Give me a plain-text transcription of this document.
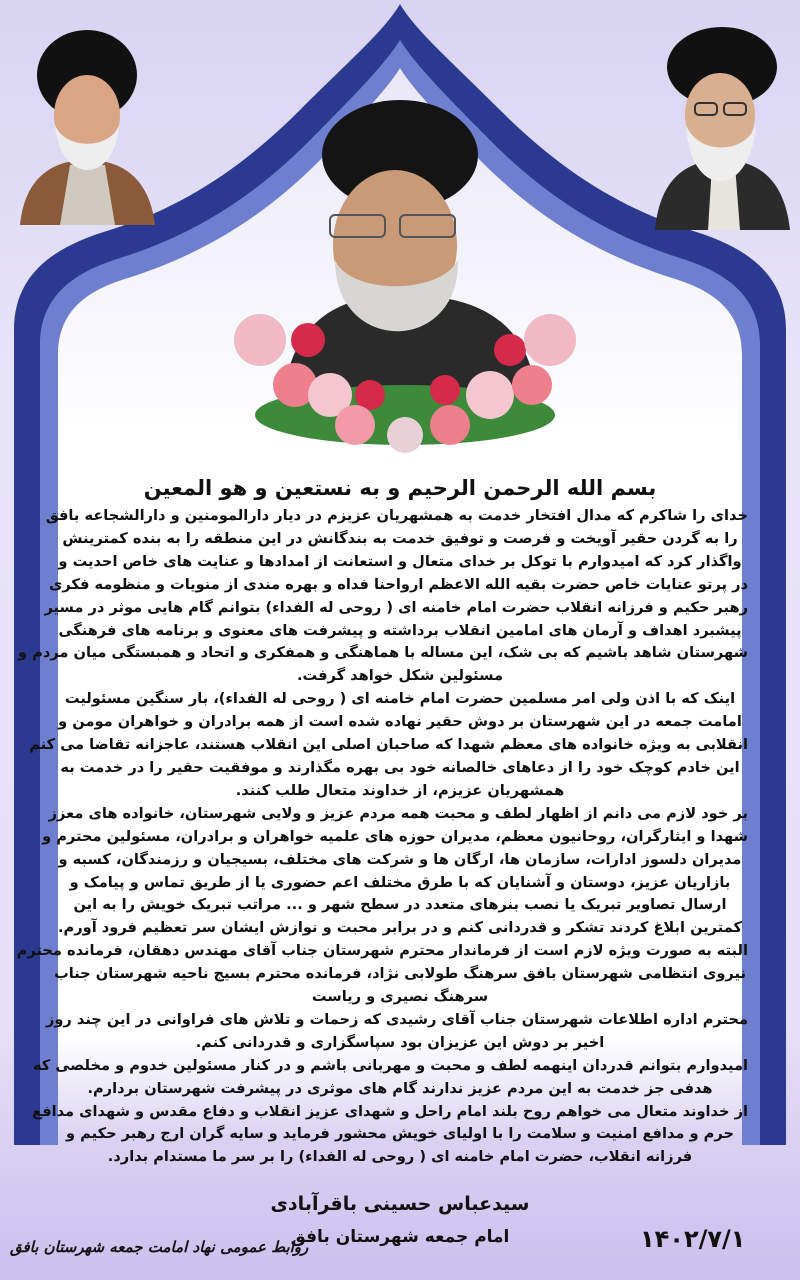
بسم الله الرحمن الرحیم و به نستعین و هو المعین
خدای را شاکرم که مدال افتخار خدمت به همشهریان عزیزم در دیار دارالمومنین و دارالشجاعه بافق
را به گردن حقیر آویخت و فرصت و توفیق خدمت به بندگانش در این منطقه را به بنده کمترینش
واگذار کرد که امیدوارم با توکل بر خدای متعال و استعانت از امدادها و عنایت های خاص احدیت و
در پرتو عنایات خاص حضرت بقیه الله الاعظم ارواحنا فداه و بهره مندی از منویات و منظومه فکری
رهبر حکیم و فرزانه انقلاب حضرت امام خامنه ای ( روحی له الفداء) بتوانم گام هایی موثر در مسیر
پیشبرد اهداف و آرمان های امامین انقلاب برداشته و پیشرفت های معنوی و برنامه های فرهنگی
شهرستان شاهد باشیم که بی شک، این مساله با هماهنگی و همفکری و اتحاد و همبستگی میان مردم و
مسئولین شکل خواهد گرفت.
اینک که با اذن ولی امر مسلمین حضرت امام خامنه ای ( روحی له الفداء)، بار سنگین مسئولیت
امامت جمعه در این شهرستان بر دوش حقیر نهاده شده است از همه برادران و خواهران مومن و
انقلابی به ویژه خانواده های معظم شهدا که صاحبان اصلی این انقلاب هستند، عاجزانه تقاضا می کنم
این خادم کوچک خود را از دعاهای خالصانه خود بی بهره مگذارند و موفقیت حقیر را در خدمت به
همشهریان عزیزم، از خداوند متعال طلب کنند.
بر خود لازم می دانم از اظهار لطف و محبت همه مردم عزیز و ولایی شهرستان، خانواده های معزز
شهدا و ایثارگران، روحانیون معظم، مدیران حوزه های علمیه خواهران و برادران، مسئولین محترم و
مدیران دلسوز ادارات، سازمان ها، ارگان ها و شرکت های مختلف، بسیجیان و رزمندگان، کسبه و
بازاریان عزیز، دوستان و آشنایان که با طرق مختلف اعم حضوری یا از طریق تماس و پیامک و
ارسال تصاویر تبریک یا نصب بنرهای متعدد در سطح شهر و ... مراتب تبریک خویش را به این
کمترین ابلاغ کردند تشکر و قدردانی کنم و در برابر محبت و نوازش ایشان سر تعظیم فرود آورم.
البته به صورت ویژه لازم است از فرماندار محترم شهرستان جناب آقای مهندس دهقان، فرمانده محترم
نیروی انتظامی شهرستان بافق سرهنگ طولابی نژاد، فرمانده محترم بسیج ناحیه شهرستان جناب
سرهنگ نصیری و ریاست
محترم اداره اطلاعات شهرستان جناب آقای رشیدی که زحمات و تلاش های فراوانی در این چند روز
اخیر بر دوش این عزیزان بود سپاسگزاری و قدردانی کنم.
امیدوارم بتوانم قدردان اینهمه لطف و محبت و مهربانی باشم و در کنار مسئولین خدوم و مخلصی که
هدفی جز خدمت به این مردم عزیز ندارند گام های موثری در پیشرفت شهرستان بردارم.
از خداوند متعال می خواهم روح بلند امام راحل و شهدای عزیز انقلاب و دفاع مقدس و شهدای مدافع
حرم و مدافع امنیت و سلامت را با اولیای خویش محشور فرماید و سایه گران ارج رهبر حکیم و
فرزانه انقلاب، حضرت امام خامنه ای ( روحی له الفداء) را بر سر ما مستدام بدارد.
سیدعباس حسینی باقرآبادی
امام جمعه شهرستان بافق	۱۴۰۲/۷/۱
روابط عمومی نهاد امامت جمعه شهرستان بافق
